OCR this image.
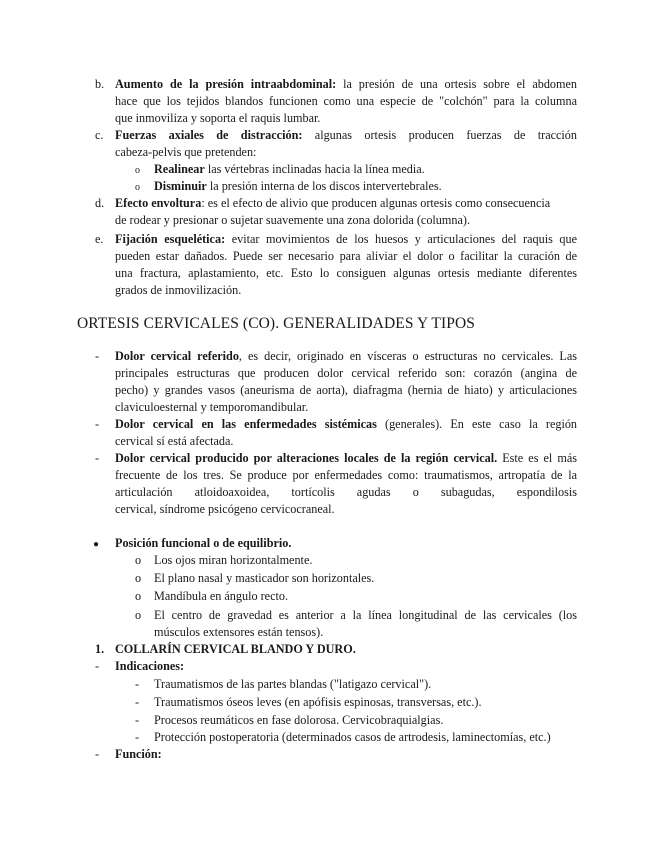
b. Aumento de la presión intraabdominal: la presión de una ortesis sobre el abdomen
hace que los tejidos blandos funcionen como una especie de "colchón" para la columna
que inmoviliza y soporta el raquis lumbar.
c. Fuerzas axiales de distracción: algunas ortesis producen fuerzas de tracción
cabeza-pelvis que pretenden:
o Realinear las vértebras inclinadas hacia la línea media.
o Disminuir la presión interna de los discos intervertebrales.
d. Efecto envoltura: es el efecto de alivio que producen algunas ortesis como consecuencia
de rodear y presionar o sujetar suavemente una zona dolorida (columna).
e. Fijación esquelética: evitar movimientos de los huesos y articulaciones del raquis que
pueden estar dañados. Puede ser necesario para aliviar el dolor o facilitar la curación de
una fractura, aplastamiento, etc. Esto lo consiguen algunas ortesis mediante diferentes
grados de inmovilización.
ORTESIS CERVICALES (CO). GENERALIDADES Y TIPOS
- Dolor cervical referido, es decir, originado en vísceras o estructuras no cervicales. Las
principales estructuras que producen dolor cervical referido son: corazón (angina de
pecho) y grandes vasos (aneurisma de aorta), diafragma (hernia de hiato) y articulaciones
claviculoesternal y temporomandibular.
- Dolor cervical en las enfermedades sistémicas (generales). En este caso la región
cervical sí está afectada.
- Dolor cervical producido por alteraciones locales de la región cervical. Este es el más
frecuente de los tres. Se produce por enfermedades como: traumatismos, artropatía de la
articulación atloidoaxoidea, tortícolis agudas o subagudas, espondilosis
cervical, síndrome psicógeno cervicocraneal.
● Posición funcional o de equilibrio.
o Los ojos miran horizontalmente.
o El plano nasal y masticador son horizontales.
o Mandíbula en ángulo recto.
o El centro de gravedad es anterior a la línea longitudinal de las cervicales (los
músculos extensores están tensos).
1. COLLARÍN CERVICAL BLANDO Y DURO.
- Indicaciones:
- Traumatismos de las partes blandas ("latigazo cervical").
- Traumatismos óseos leves (en apófisis espinosas, transversas, etc.).
- Procesos reumáticos en fase dolorosa. Cervicobraquialgias.
- Protección postoperatoria (determinados casos de artrodesis, laminectomías, etc.)
- Función:
